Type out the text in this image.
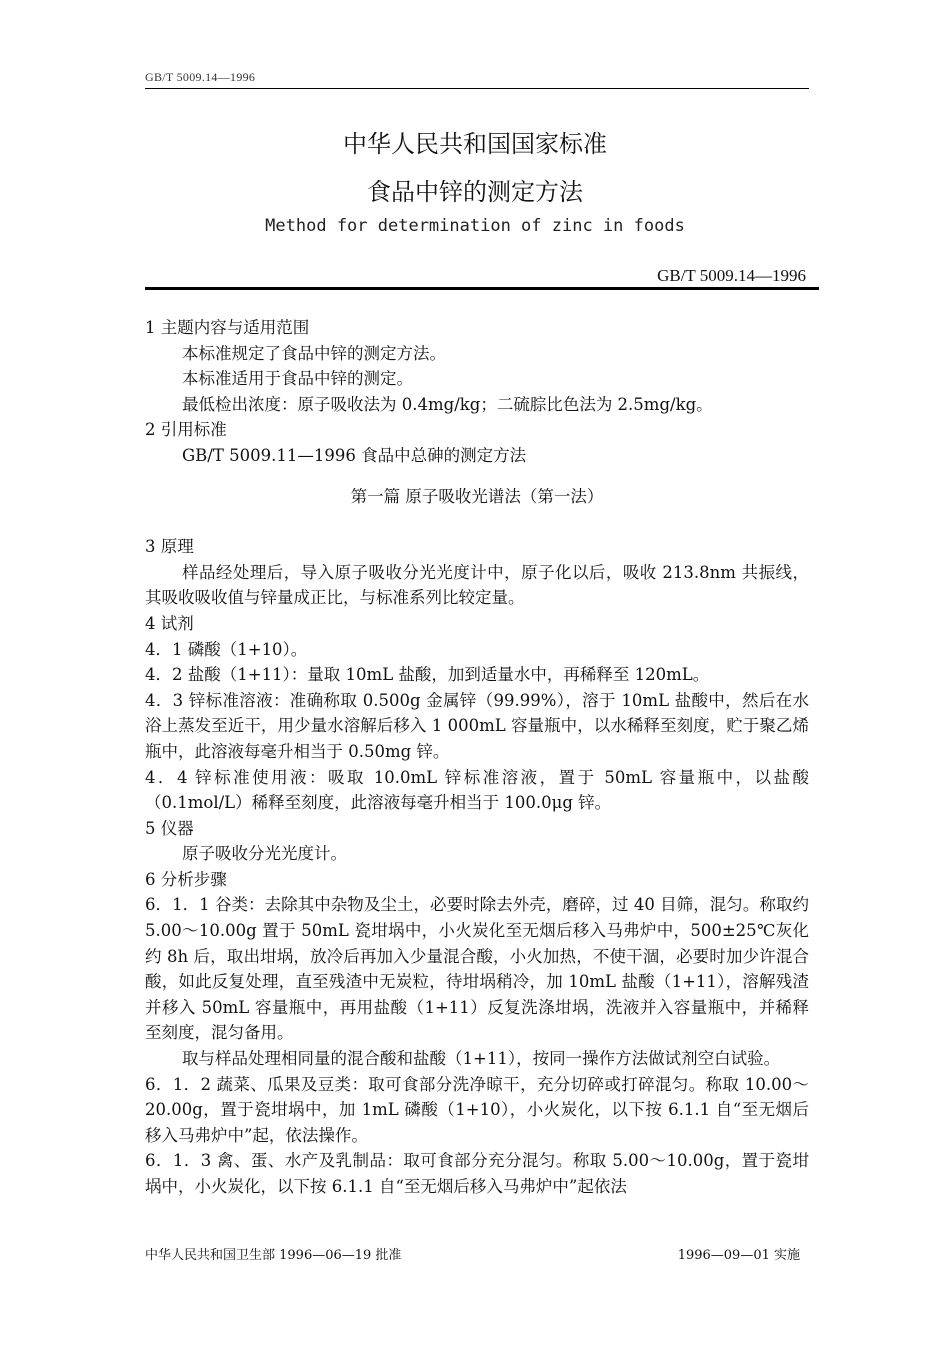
GB/T 5009.14—1996
中华人民共和国国家标准
食品中锌的测定方法
Method for determination of zinc in foods
GB/T 5009.14—1996

1 主题内容与适用范围

本标准规定了食品中锌的测定方法。

本标准适用于食品中锌的测定。

最低检出浓度：原子吸收法为 0.4mg/kg；二硫腙比色法为 2.5mg/kg。

2 引用标准

GB/T 5009.11—1996 食品中总砷的测定方法

第一篇 原子吸收光谱法（第一法）

3 原理

样品经处理后，导入原子吸收分光光度计中，原子化以后，吸收 213.8nm 共振线，其吸收吸收值与锌量成正比，与标准系列比较定量。

4 试剂

4．1 磷酸（1+10）。

4．2 盐酸（1+11）：量取 10mL 盐酸，加到适量水中，再稀释至 120mL。

4．3 锌标准溶液：准确称取 0.500g 金属锌（99.99%），溶于 10mL 盐酸中，然后在水浴上蒸发至近干，用少量水溶解后移入 1 000mL 容量瓶中，以水稀释至刻度，贮于聚乙烯瓶中，此溶液每毫升相当于 0.50mg 锌。

4．4 锌标准使用液：吸取 10.0mL 锌标准溶液，置于 50mL 容量瓶中，以盐酸（0.1mol/L）稀释至刻度，此溶液每毫升相当于 100.0μg 锌。

5 仪器

原子吸收分光光度计。

6 分析步骤

6．1．1 谷类：去除其中杂物及尘土，必要时除去外壳，磨碎，过 40 目筛，混匀。称取约 5.00～10.00g 置于 50mL 瓷坩埚中，小火炭化至无烟后移入马弗炉中，500±25℃灰化约 8h 后，取出坩埚，放冷后再加入少量混合酸，小火加热，不使干涸，必要时加少许混合酸，如此反复处理，直至残渣中无炭粒，待坩埚稍冷，加 10mL 盐酸（1+11），溶解残渣并移入 50mL 容量瓶中，再用盐酸（1+11）反复洗涤坩埚，洗液并入容量瓶中，并稀释至刻度，混匀备用。

取与样品处理相同量的混合酸和盐酸（1+11），按同一操作方法做试剂空白试验。

6．1．2 蔬菜、瓜果及豆类：取可食部分洗净晾干，充分切碎或打碎混匀。称取 10.00～20.00g，置于瓷坩埚中，加 1mL 磷酸（1+10），小火炭化，以下按 6.1.1 自“至无烟后移入马弗炉中”起，依法操作。

6．1．3 禽、蛋、水产及乳制品：取可食部分充分混匀。称取 5.00～10.00g，置于瓷坩埚中，小火炭化，以下按 6.1.1 自“至无烟后移入马弗炉中”起依法

中华人民共和国卫生部 1996—06—19 批准	1996—09—01 实施
